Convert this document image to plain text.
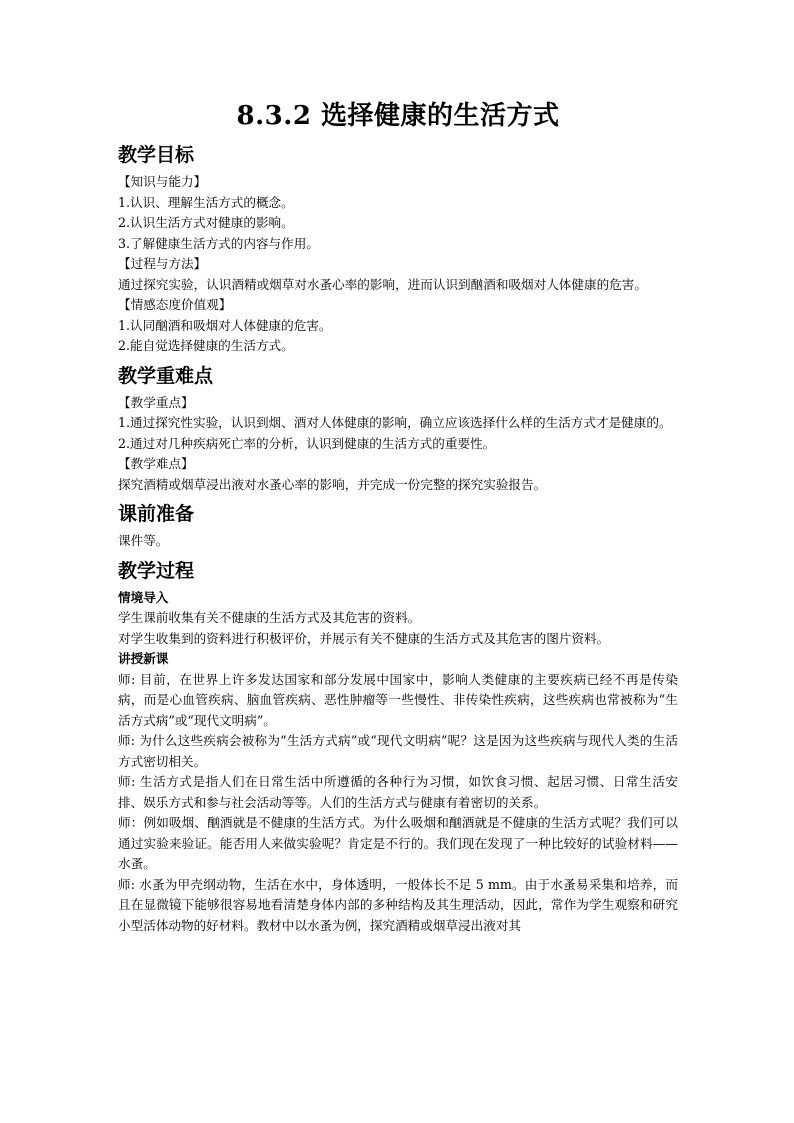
8.3.2 选择健康的生活方式
教学目标
【知识与能力】

1.认识、理解生活方式的概念。

2.认识生活方式对健康的影响。

3.了解健康生活方式的内容与作用。

【过程与方法】

通过探究实验，认识酒精或烟草对水蚤心率的影响，进而认识到酗酒和吸烟对人体健康的危害。

【情感态度价值观】

1.认同酗酒和吸烟对人体健康的危害。

2.能自觉选择健康的生活方式。

教学重难点
【教学重点】

1.通过探究性实验，认识到烟、酒对人体健康的影响，确立应该选择什么样的生活方式才是健康的。

2.通过对几种疾病死亡率的分析，认识到健康的生活方式的重要性。

【教学难点】

探究酒精或烟草浸出液对水蚤心率的影响，并完成一份完整的探究实验报告。

课前准备

课件等。

教学过程
情境导入

学生课前收集有关不健康的生活方式及其危害的资料。

对学生收集到的资料进行积极评价，并展示有关不健康的生活方式及其危害的图片资料。

讲授新课

师: 目前，在世界上许多发达国家和部分发展中国家中，影响人类健康的主要疾病已经不再是传染病，而是心血管疾病、脑血管疾病、恶性肿瘤等一些慢性、非传染性疾病，这些疾病也常被称为“生活方式病”或“现代文明病”。

师: 为什么这些疾病会被称为“生活方式病”或“现代文明病”呢？这是因为这些疾病与现代人类的生活方式密切相关。

师: 生活方式是指人们在日常生活中所遵循的各种行为习惯，如饮食习惯、起居习惯、日常生活安排、娱乐方式和参与社会活动等等。人们的生活方式与健康有着密切的关系。

师：例如吸烟、酗酒就是不健康的生活方式。为什么吸烟和酗酒就是不健康的生活方式呢？我们可以通过实验来验证。能否用人来做实验呢？肯定是不行的。我们现在发现了一种比较好的试验材料——水蚤。

师: 水蚤为甲壳纲动物，生活在水中，身体透明，一般体长不足 5 mm。由于水蚤易采集和培养，而且在显微镜下能够很容易地看清楚身体内部的多种结构及其生理活动，因此，常作为学生观察和研究小型活体动物的好材料。教材中以水蚤为例，探究酒精或烟草浸出液对其
